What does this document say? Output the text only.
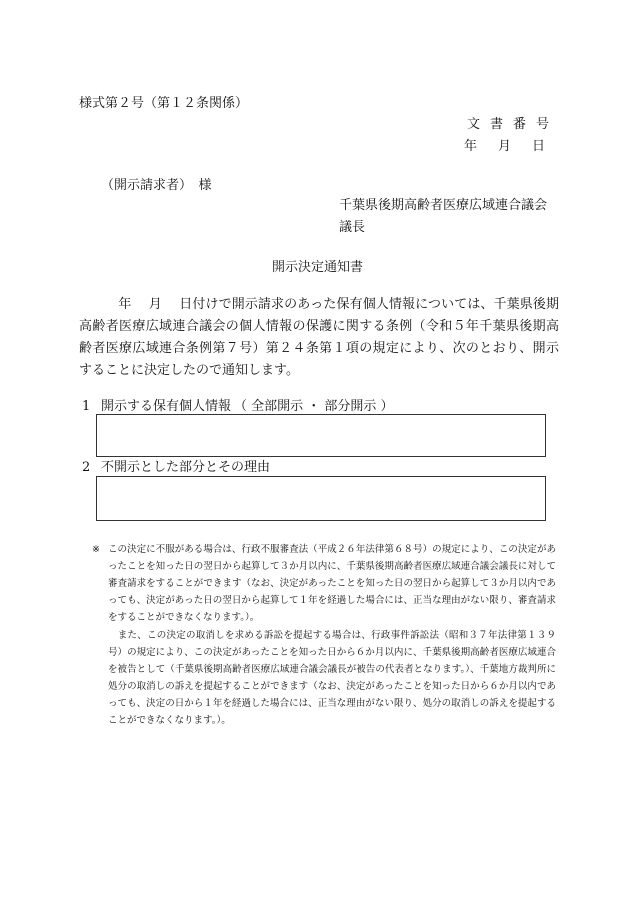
様式第２号（第１２条関係）
文書番号
年　月　日
（開示請求者）　様
千葉県後期高齢者医療広域連合議会
議長
開示決定通知書
　　　年　 月　 日付けで開示請求のあった保有個人情報については、千葉県後期高齢者医療広域連合議会の個人情報の保護に関する条例（令和５年千葉県後期高齢者医療広域連合条例第７号）第２４条第１項の規定により、次のとおり、開示することに決定したので通知します。
1 開示する保有個人情報 （ 全部開示 ・ 部分開示 ）
2 不開示とした部分とその理由
※ この決定に不服がある場合は、行政不服審査法（平成２６年法律第６８号）の規定により、この決定があったことを知った日の翌日から起算して３か月以内に、千葉県後期高齢者医療広域連合議会議長に対して審査請求をすることができます（なお、決定があったことを知った日の翌日から起算して３か月以内であっても、決定があった日の翌日から起算して１年を経過した場合には、正当な理由がない限り、審査請求をすることができなくなります。）。
　また、この決定の取消しを求める訴訟を提起する場合は、行政事件訴訟法（昭和３７年法律第１３９号）の規定により、この決定があったことを知った日から６か月以内に、千葉県後期高齢者医療広域連合を被告として（千葉県後期高齢者医療広域連合議会議長が被告の代表者となります。）、千葉地方裁判所に処分の取消しの訴えを提起することができます（なお、決定があったことを知った日から６か月以内であっても、決定の日から１年を経過した場合には、正当な理由がない限り、処分の取消しの訴えを提起することができなくなります。）。
